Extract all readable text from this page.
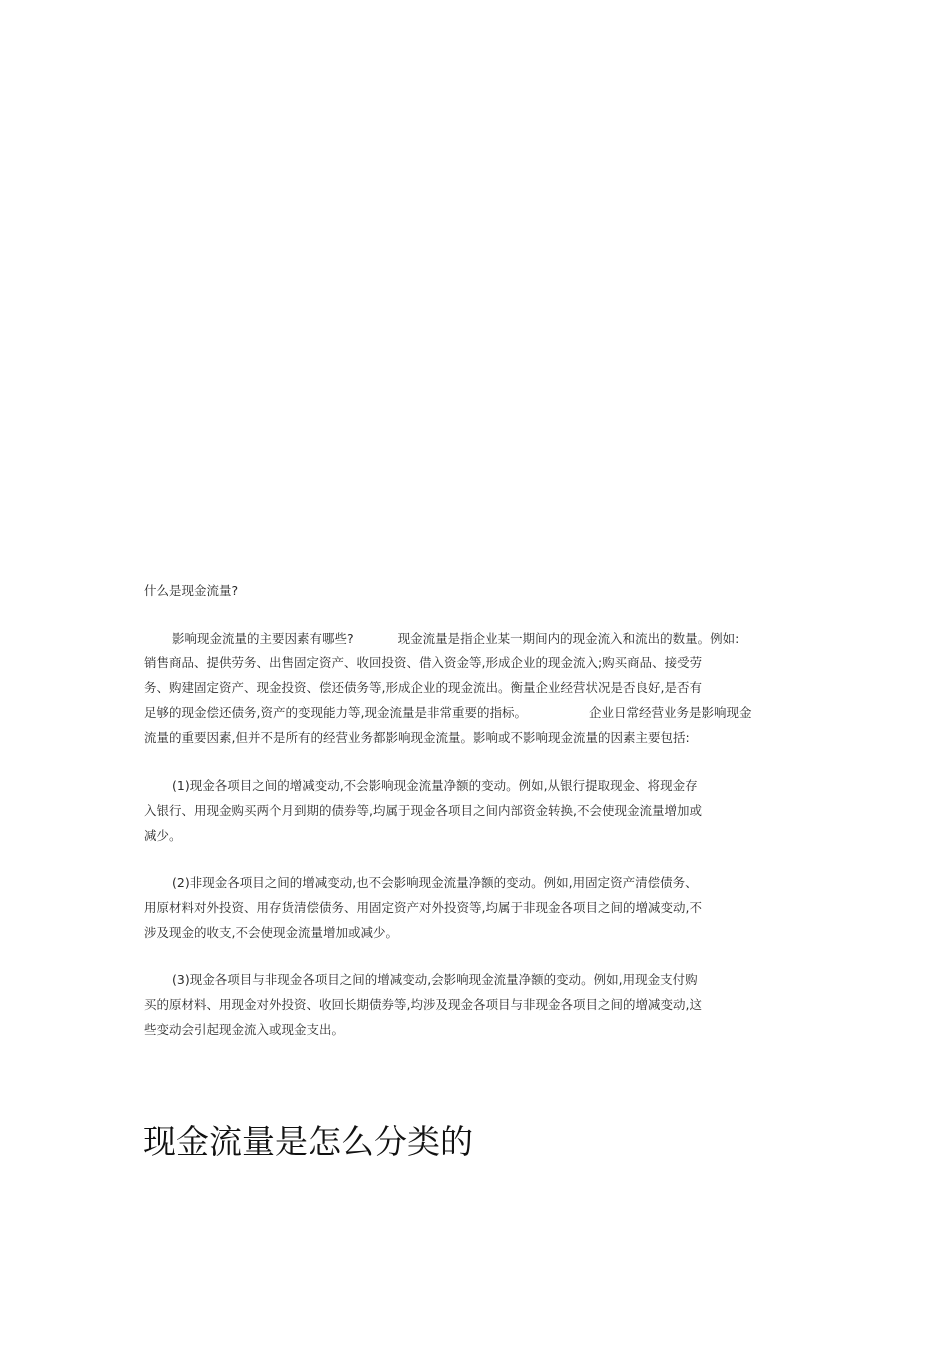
什么是现金流量?
影响现金流量的主要因素有哪些?	现金流量是指企业某一期间内的现金流入和流出的数量。例如:
销售商品、提供劳务、出售固定资产、收回投资、借入资金等,形成企业的现金流入;购买商品、接受劳
务、购建固定资产、现金投资、偿还债务等,形成企业的现金流出。衡量企业经营状况是否良好,是否有
足够的现金偿还债务,资产的变现能力等,现金流量是非常重要的指标。	企业日常经营业务是影响现金
流量的重要因素,但并不是所有的经营业务都影响现金流量。影响或不影响现金流量的因素主要包括:
(1)现金各项目之间的增减变动,不会影响现金流量净额的变动。例如,从银行提取现金、将现金存
入银行、用现金购买两个月到期的债券等,均属于现金各项目之间内部资金转换,不会使现金流量增加或
减少。
(2)非现金各项目之间的增减变动,也不会影响现金流量净额的变动。例如,用固定资产清偿债务、
用原材料对外投资、用存货清偿债务、用固定资产对外投资等,均属于非现金各项目之间的增减变动,不
涉及现金的收支,不会使现金流量增加或减少。
(3)现金各项目与非现金各项目之间的增减变动,会影响现金流量净额的变动。例如,用现金支付购
买的原材料、用现金对外投资、收回长期债券等,均涉及现金各项目与非现金各项目之间的增减变动,这
些变动会引起现金流入或现金支出。
现金流量是怎么分类的
